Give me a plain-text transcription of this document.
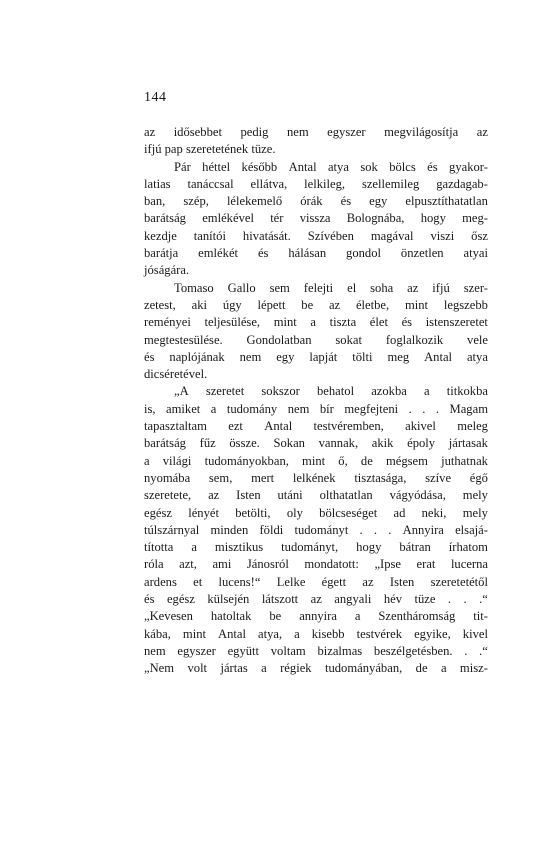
144
az idősebbet pedig nem egyszer megvilágosítja az
ifjú pap szeretetének tüze.
Pár héttel később Antal atya sok bölcs és gyakor-
latias tanáccsal ellátva, lelkileg, szellemileg gazdagab-
ban, szép, lélekemelő órák és egy elpusztíthatatlan
barátság emlékével tér vissza Bolognába, hogy meg-
kezdje tanítói hivatását. Szívében magával viszi ősz
barátja emlékét és hálásan gondol önzetlen atyai
jóságára.
Tomaso Gallo sem felejti el soha az ifjú szer-
zetest, aki úgy lépett be az életbe, mint legszebb
reményei teljesülése, mint a tiszta élet és istenszeretet
megtestesülése. Gondolatban sokat foglalkozik vele
és naplójának nem egy lapját tölti meg Antal atya
dicséretével.
„A szeretet sokszor behatol azokba a titkokba
is, amiket a tudomány nem bír megfejteni . . . Magam
tapasztaltam ezt Antal testvéremben, akivel meleg
barátság fűz össze. Sokan vannak, akik époly jártasak
a világi tudományokban, mint ő, de mégsem juthatnak
nyomába sem, mert lelkének tisztasága, szíve égő
szeretete, az Isten utáni olthatatlan vágyódása, mely
egész lényét betölti, oly bölcseséget ad neki, mely
túlszárnyal minden földi tudományt . . . Annyira elsajá-
tította a misztikus tudományt, hogy bátran írhatom
róla azt, ami Jánosról mondatott: „Ipse erat lucerna
ardens et lucens!“ Lelke égett az Isten szeretetétől
és egész külsején látszott az angyali hév tüze . . .“
„Kevesen hatoltak be annyira a Szentháromság tit-
kába, mint Antal atya, a kisebb testvérek egyike, kivel
nem egyszer együtt voltam bizalmas beszélgetésben. . .“
„Nem volt jártas a régiek tudományában, de a misz-
